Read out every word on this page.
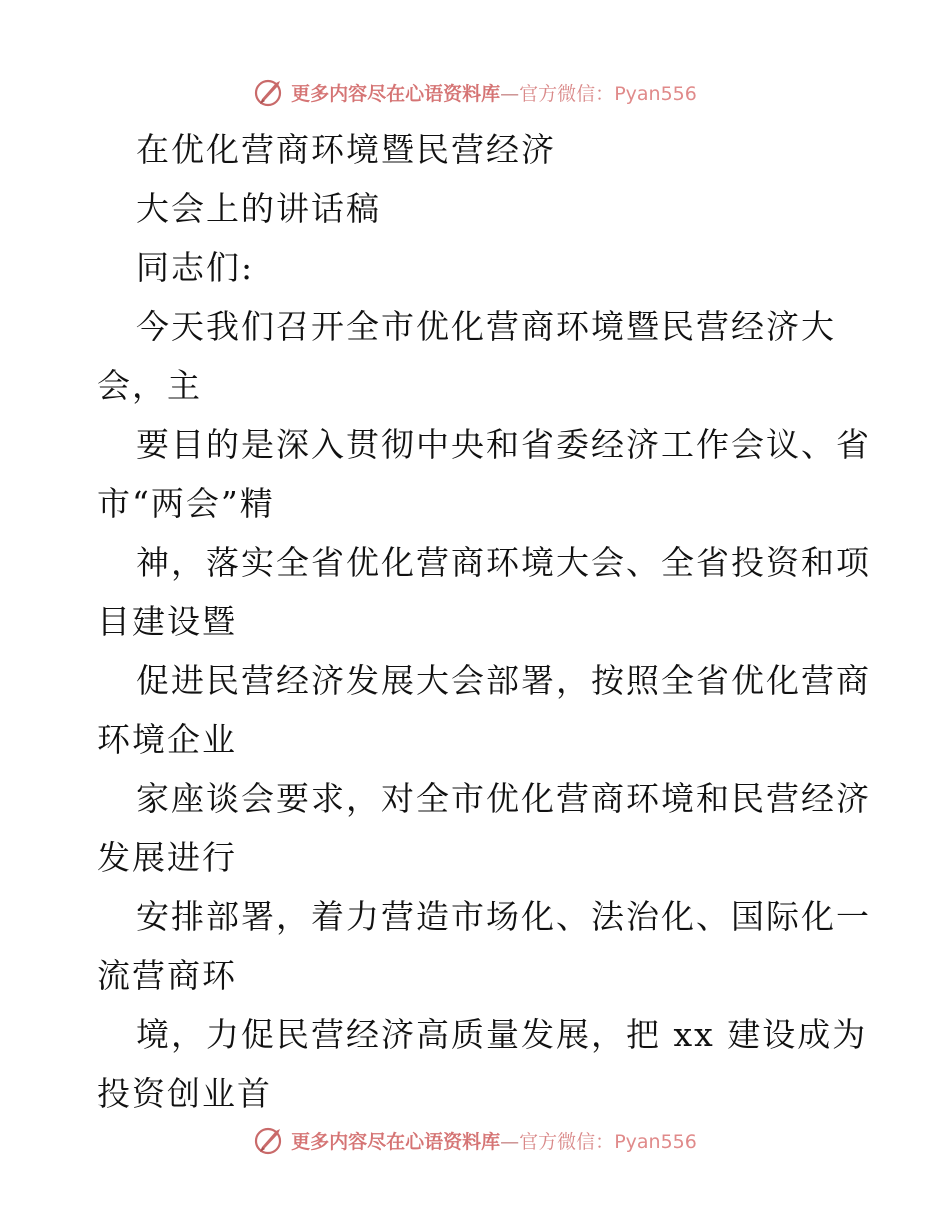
更多内容尽在心语资料库—官方微信：Pyan556
在优化营商环境暨民营经济
大会上的讲话稿
同志们:
今天我们召开全市优化营商环境暨民营经济大
会，主
要目的是深入贯彻中央和省委经济工作会议、省
市“两会”精
神，落实全省优化营商环境大会、全省投资和项
目建设暨
促进民营经济发展大会部署，按照全省优化营商
环境企业
家座谈会要求，对全市优化营商环境和民营经济
发展进行
安排部署，着力营造市场化、法治化、国际化一
流营商环
境，力促民营经济高质量发展，把 xx 建设成为
投资创业首
更多内容尽在心语资料库—官方微信：Pyan556
